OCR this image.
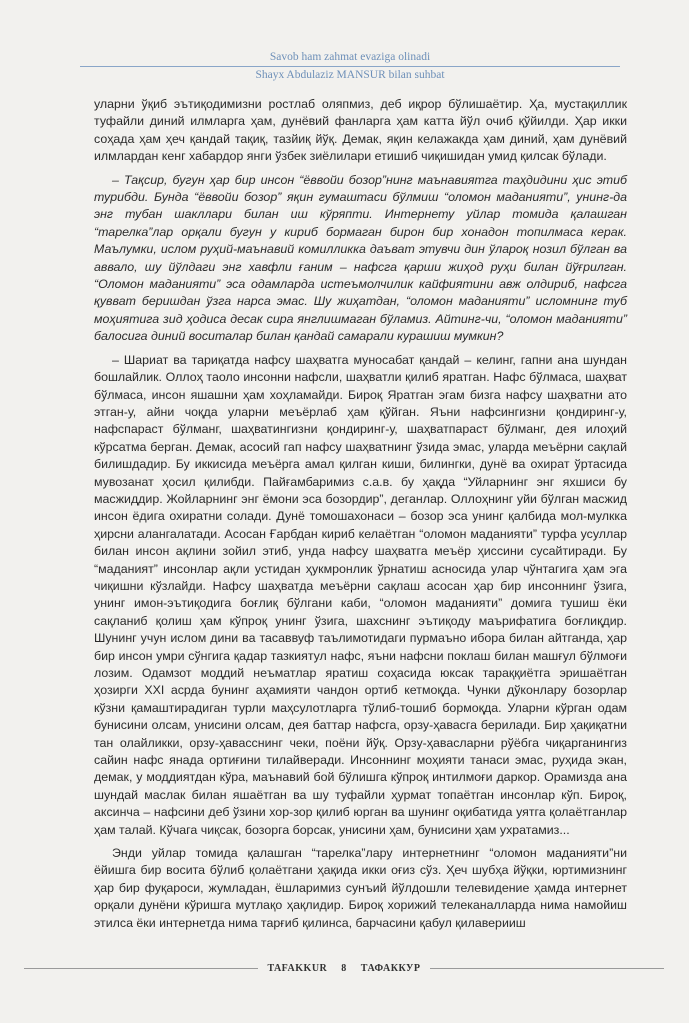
Savob ham zahmat evaziga olinadi
Shayx Abdulaziz MANSUR bilan suhbat

уларни ўқиб эътиқодимизни ростлаб оляпмиз, деб иқрор бўлишаётир. Ҳа, мустақиллик туфайли диний илмларга ҳам, дунёвий фанларга ҳам катта йўл очиб қўйилди. Ҳар икки соҳада ҳам ҳеч қандай тақиқ, тазйиқ йўқ. Демак, яқин келажакда ҳам диний, ҳам дунёвий илмлардан кенг хабардор янги ўзбек зиёлилари етишиб чиқишидан умид қилсак бўлади.

– Тақсир, бугун ҳар бир инсон “ёввойи бозор”нинг маънавиятга таҳдидини ҳис этиб турибди. Бунда “ёввойи бозор” яқин гумаштаси бўлмиш “оломон маданияти”, унинг-да энг тубан шакллари билан иш кўряпти. Интернету уйлар томида қалашган “тарелка”лар орқали бугун у кириб бормаган бирон бир хонадон топилмаса керак. Маълумки, ислом руҳий-маънавий комилликка даъват этувчи дин ўлароқ нозил бўлган ва аввало, шу йўлдаги энг хавфли ғаним – нафсга қарши жиҳод руҳи билан йўғрилган. “Оломон маданияти” эса одамларда истеъмолчилик кайфиятини авж олдириб, нафсга қувват беришдан ўзга нарса эмас. Шу жиҳатдан, “оломон маданияти” исломнинг туб моҳиятига зид ҳодиса десак сира янглишмаган бўламиз. Айтинг-чи, “оломон маданияти” балосига диний воситалар билан қандай самарали курашиш мумкин?

– Шариат ва тариқатда нафсу шаҳватга муносабат қандай – келинг, гапни ана шундан бошлайлик. Оллоҳ таоло инсонни нафсли, шаҳватли қилиб яратган. Нафс бўлмаса, шаҳват бўлмаса, инсон яшашни ҳам хоҳламайди. Бироқ Яратган эгам бизга нафсу шаҳватни ато этган-у, айни чоқда уларни меъёрлаб ҳам қўйган. Яъни нафсингизни қондиринг-у, нафспараст бўлманг, шаҳватингизни қондиринг-у, шаҳватпараст бўлманг, дея илоҳий кўрсатма берган. Демак, асосий гап нафсу шаҳватнинг ўзида эмас, уларда меъёрни сақлай билишдадир. Бу иккисида меъёрга амал қилган киши, билингки, дунё ва охират ўртасида мувозанат ҳосил қилибди. Пайғамбаримиз с.а.в. бу ҳақда “Уйларнинг энг яхшиси бу масжиддир. Жойларнинг энг ёмони эса бозордир”, деганлар. Оллоҳнинг уйи бўлган масжид инсон ёдига охиратни солади. Дунё томошахонаси – бозор эса унинг қалбида мол-мулкка ҳирсни алангалатади. Асосан Ғарбдан кириб келаётган “оломон маданияти” турфа усуллар билан инсон ақлини зойил этиб, унда нафсу шаҳватга меъёр ҳиссини сусайтиради. Бу “маданият” инсонлар ақли устидан ҳукмронлик ўрнатиш асносида улар чўнтагига ҳам эга чиқишни кўзлайди. Нафсу шаҳватда меъёрни сақлаш асосан ҳар бир инсоннинг ўзига, унинг имон-эътиқодига боғлиқ бўлгани каби, “оломон маданияти” домига тушиш ёки сақланиб қолиш ҳам кўпроқ унинг ўзига, шахснинг эътиқоду маърифатига боғлиқдир. Шунинг учун ислом дини ва тасаввуф таълимотидаги пурмаъно ибора билан айтганда, ҳар бир инсон умри сўнгига қадар тазкиятул нафс, яъни нафсни поклаш билан машғул бўлмоғи лозим. Одамзот моддий неъматлар яратиш соҳасида юксак тараққиётга эришаётган ҳозирги XXI асрда бунинг аҳамияти чандон ортиб кетмоқда. Чунки дўконлару бозорлар кўзни қамаштирадиган турли маҳсулотларга тўлиб-тошиб бормоқда. Уларни кўрган одам бунисини олсам, унисини олсам, дея баттар нафсга, орзу-ҳавасга берилади. Бир ҳақиқатни тан олайликки, орзу-ҳавасснинг чеки, поёни йўқ. Орзу-ҳавасларни рўёбга чиқарганингиз сайин нафс янада ортиғини тилайверади. Инсоннинг моҳияти танаси эмас, руҳида экан, демак, у моддиятдан кўра, маънавий бой бўлишга кўпроқ интилмоғи даркор. Орамизда ана шундай маслак билан яшаётган ва шу туфайли ҳурмат топаётган инсонлар кўп. Бироқ, аксинча – нафсини деб ўзини хор-зор қилиб юрган ва шунинг оқибатида уятга қолаётганлар ҳам талай. Кўчага чиқсак, бозорга борсак, унисини ҳам, бунисини ҳам ухратамиз...

Энди уйлар томида қалашган “тарелка”лару интернетнинг “оломон маданияти”ни ёйишга бир восита бўлиб қолаётгани ҳақида икки оғиз сўз. Ҳеч шубҳа йўқки, юртимизнинг ҳар бир фуқароси, жумладан, ёшларимиз сунъий йўлдошли телевидение ҳамда интернет орқали дунёни кўришга мутлақо ҳақлидир. Бироқ хорижий телеканалларда нима намойиш этилса ёки интернетда нима тарғиб қилинса, барчасини қабул қилаверииш

TAFAKKUR 8 ТАФАККУР
